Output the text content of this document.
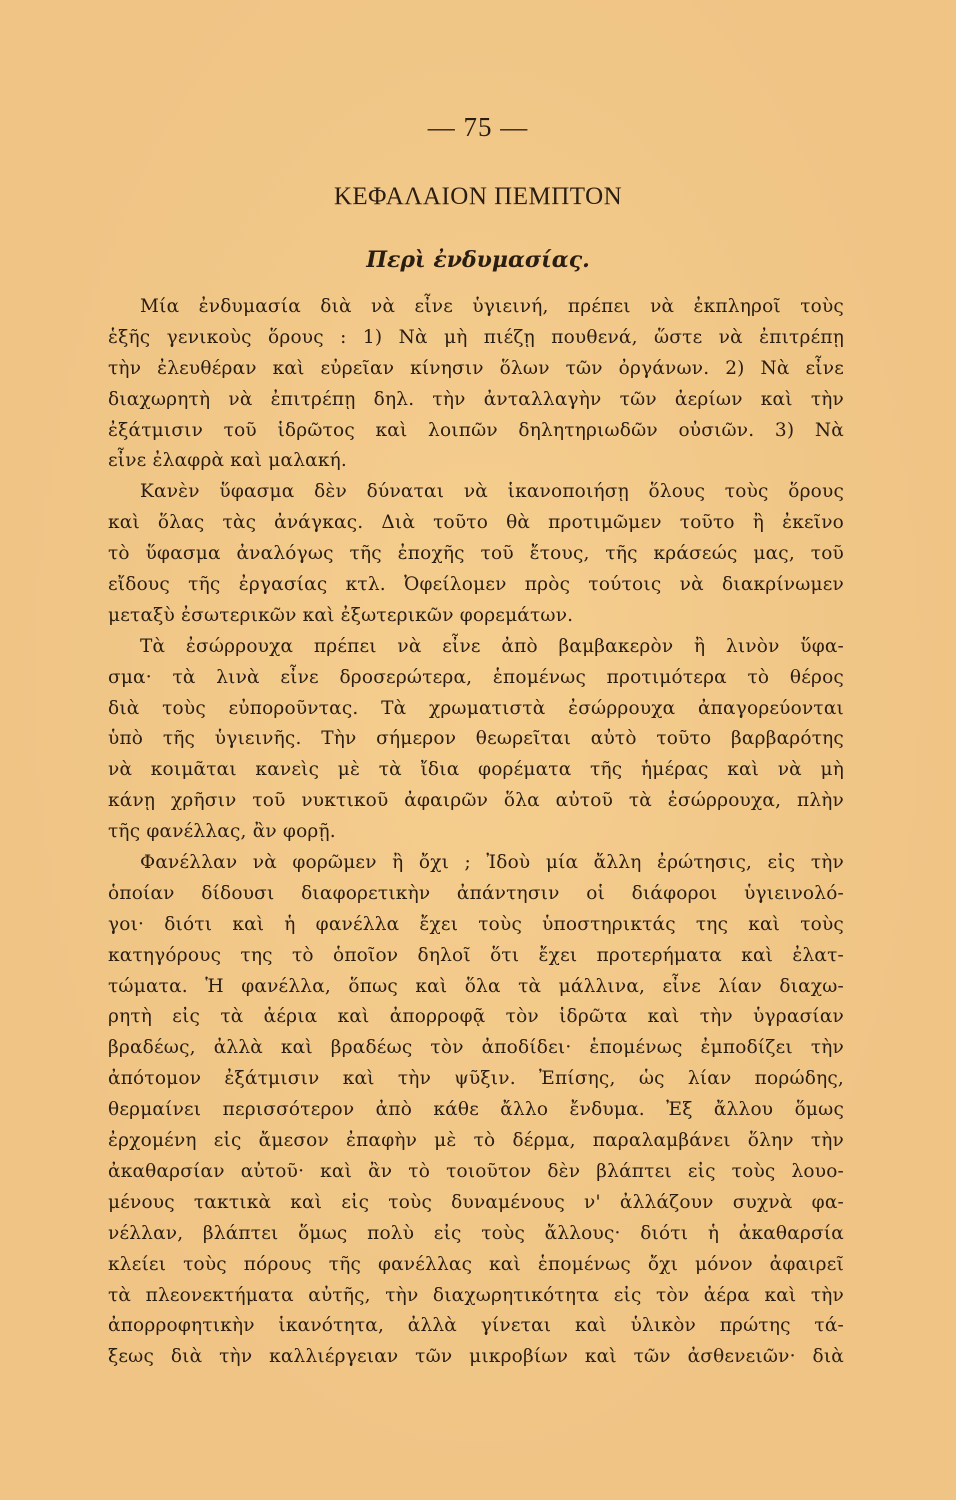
— 75 —
ΚΕΦΑΛΑΙΟΝ ΠΕΜΠΤΟΝ
Περὶ ἐνδυμασίας.
Μία ἐνδυμασία διὰ νὰ εἶνε ὑγιεινή, πρέπει νὰ ἐκπληροῖ τοὺς
ἑξῆς γενικοὺς ὅρους : 1) Νὰ μὴ πιέζῃ πουθενά, ὥστε νὰ ἐπιτρέπῃ
τὴν ἐλευθέραν καὶ εὐρεῖαν κίνησιν ὅλων τῶν ὀργάνων. 2) Νὰ εἶνε
διαχωρητὴ νὰ ἐπιτρέπῃ δηλ. τὴν ἀνταλλαγὴν τῶν ἀερίων καὶ τὴν
ἐξάτμισιν τοῦ ἱδρῶτος καὶ λοιπῶν δηλητηριωδῶν οὐσιῶν. 3) Νὰ
εἶνε ἐλαφρὰ καὶ μαλακή.
Κανὲν ὕφασμα δὲν δύναται νὰ ἱκανοποιήσῃ ὅλους τοὺς ὅρους
καὶ ὅλας τὰς ἀνάγκας. Διὰ τοῦτο θὰ προτιμῶμεν τοῦτο ἢ ἐκεῖνο
τὸ ὕφασμα ἀναλόγως τῆς ἐποχῆς τοῦ ἔτους, τῆς κράσεώς μας, τοῦ
εἴδους τῆς ἐργασίας κτλ. Ὀφείλομεν πρὸς τούτοις νὰ διακρίνωμεν
μεταξὺ ἐσωτερικῶν καὶ ἐξωτερικῶν φορεμάτων.
Τὰ ἐσώρρουχα πρέπει νὰ εἶνε ἀπὸ βαμβακερὸν ἢ λινὸν ὕφα-
σμα· τὰ λινὰ εἶνε δροσερώτερα, ἑπομένως προτιμότερα τὸ θέρος
διὰ τοὺς εὐποροῦντας. Τὰ χρωματιστὰ ἐσώρρουχα ἀπαγορεύονται
ὑπὸ τῆς ὑγιεινῆς. Τὴν σήμερον θεωρεῖται αὐτὸ τοῦτο βαρβαρότης
νὰ κοιμᾶται κανεὶς μὲ τὰ ἴδια φορέματα τῆς ἡμέρας καὶ νὰ μὴ
κάνῃ χρῆσιν τοῦ νυκτικοῦ ἀφαιρῶν ὅλα αὐτοῦ τὰ ἐσώρρουχα, πλὴν
τῆς φανέλλας, ἂν φορῇ.
Φανέλλαν νὰ φορῶμεν ἢ ὄχι ; Ἰδοὺ μία ἄλλη ἐρώτησις, εἰς τὴν
ὁποίαν δίδουσι διαφορετικὴν ἀπάντησιν οἱ διάφοροι ὑγιεινολό-
γοι· διότι καὶ ἡ φανέλλα ἔχει τοὺς ὑποστηρικτάς της καὶ τοὺς
κατηγόρους της τὸ ὁποῖον δηλοῖ ὅτι ἔχει προτερήματα καὶ ἐλατ-
τώματα. Ἡ φανέλλα, ὅπως καὶ ὅλα τὰ μάλλινα, εἶνε λίαν διαχω-
ρητὴ εἰς τὰ ἀέρια καὶ ἀπορροφᾷ τὸν ἱδρῶτα καὶ τὴν ὑγρασίαν
βραδέως, ἀλλὰ καὶ βραδέως τὸν ἀποδίδει· ἑπομένως ἐμποδίζει τὴν
ἀπότομον ἐξάτμισιν καὶ τὴν ψῦξιν. Ἐπίσης, ὡς λίαν πορώδης,
θερμαίνει περισσότερον ἀπὸ κάθε ἄλλο ἔνδυμα. Ἐξ ἄλλου ὅμως
ἐρχομένη εἰς ἄμεσον ἐπαφὴν μὲ τὸ δέρμα, παραλαμβάνει ὅλην τὴν
ἀκαθαρσίαν αὐτοῦ· καὶ ἂν τὸ τοιοῦτον δὲν βλάπτει εἰς τοὺς λουο-
μένους τακτικὰ καὶ εἰς τοὺς δυναμένους ν' ἀλλάζουν συχνὰ φα-
νέλλαν, βλάπτει ὅμως πολὺ εἰς τοὺς ἄλλους· διότι ἡ ἀκαθαρσία
κλείει τοὺς πόρους τῆς φανέλλας καὶ ἑπομένως ὄχι μόνον ἀφαιρεῖ
τὰ πλεονεκτήματα αὐτῆς, τὴν διαχωρητικότητα εἰς τὸν ἀέρα καὶ τὴν
ἀπορροφητικὴν ἱκανότητα, ἀλλὰ γίνεται καὶ ὑλικὸν πρώτης τά-
ξεως διὰ τὴν καλλιέργειαν τῶν μικροβίων καὶ τῶν ἀσθενειῶν· διὰ
